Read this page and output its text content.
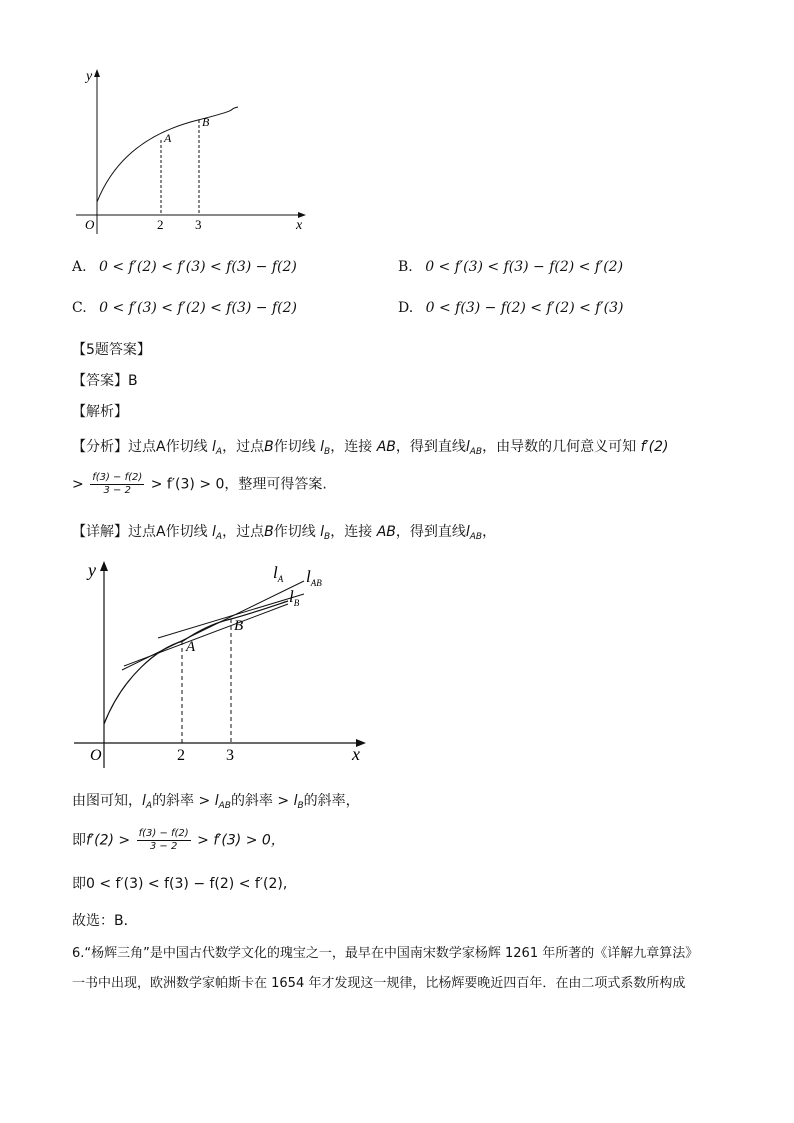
y
x
O	2 3
A
B
A. 0 < f′(2) < f′(3) < f(3) − f(2)	B. 0 < f′(3) < f(3) − f(2) < f′(2)
C. 0 < f′(3) < f′(2) < f(3) − f(2)	D. 0 < f(3) − f(2) < f′(2) < f′(3)
【5题答案】
【答案】B
【解析】
【分析】过点A作切线 $l_A$，过点B作切线 $l_B$，连接 AB，得到直线$l_{AB}$，由导数的几何意义可知 f′(2)
> $\frac{f(3) - f(2)}{3 - 2} > f'(3) > 0$，整理可得答案.
【详解】过点A作切线 $l_A$，过点B作切线 $l_B$，连接 AB，得到直线$l_{AB}$，
y
x
O	2	3
A
B
$l_A$ $l_{AB}$
$l_B$
由图可知，$l_A$的斜率 > $l_{AB}$的斜率 > $l_B$的斜率，
即$f'(2) > \frac{f(3) - f(2)}{3 - 2} > f'(3) > 0$，
即0 < f′(3) < f(3) − f(2) < f′(2),
故选：B．
6.“杨辉三角”是中国古代数学文化的瑰宝之一，最早在中国南宋数学家杨辉 1261 年所著的《详解九章算法》
一书中出现，欧洲数学家帕斯卡在 1654 年才发现这一规律，比杨辉要晚近四百年．在由二项式系数所构成
